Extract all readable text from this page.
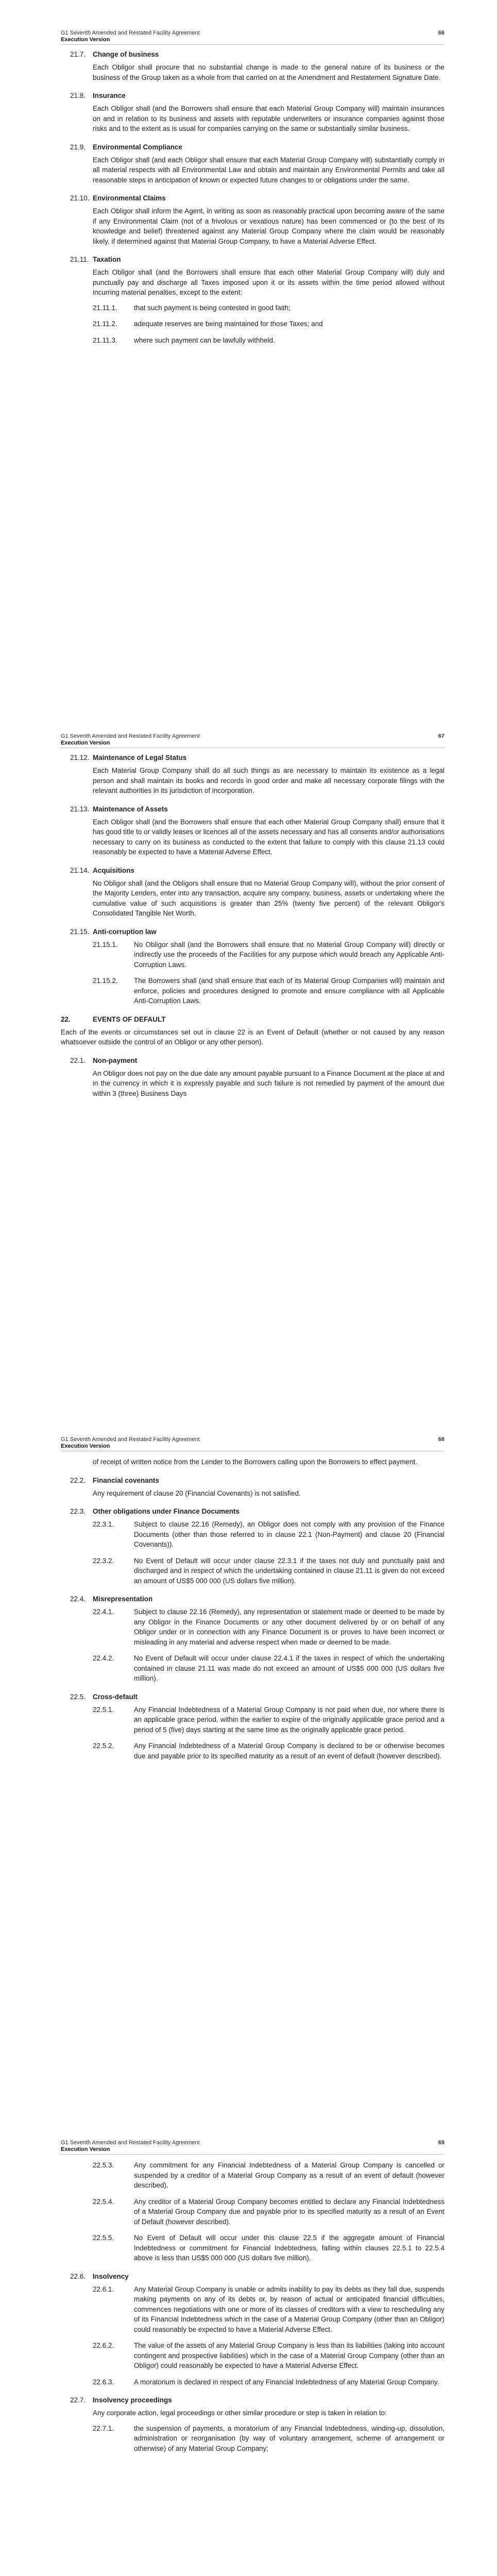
G1 Seventh Amended and Restated Facility Agreement
Execution Version
66
21.7. Change of business

Each Obligor shall procure that no substantial change is made to the general nature of its business or the business of the Group taken as a whole from that carried on at the Amendment and Restatement Signature Date.

21.8. Insurance

Each Obligor shall (and the Borrowers shall ensure that each Material Group Company will) maintain insurances on and in relation to its business and assets with reputable underwriters or insurance companies against those risks and to the extent as is usual for companies carrying on the same or substantially similar business.

21.9. Environmental Compliance

Each Obligor shall (and each Obligor shall ensure that each Material Group Company will) substantially comply in all material respects with all Environmental Law and obtain and maintain any Environmental Permits and take all reasonable steps in anticipation of known or expected future changes to or obligations under the same.

21.10. Environmental Claims

Each Obligor shall inform the Agent, in writing as soon as reasonably practical upon becoming aware of the same if any Environmental Claim (not of a frivolous or vexatious nature) has been commenced or (to the best of its knowledge and belief) threatened against any Material Group Company where the claim would be reasonably likely, if determined against that Material Group Company, to have a Material Adverse Effect.

21.11. Taxation

Each Obligor shall (and the Borrowers shall ensure that each other Material Group Company will) duly and punctually pay and discharge all Taxes imposed upon it or its assets within the time period allowed without incurring material penalties, except to the extent:

21.11.1. that such payment is being contested in good faith;
21.11.2. adequate reserves are being maintained for those Taxes; and
21.11.3. where such payment can be lawfully withheld.
G1 Seventh Amended and Restated Facility Agreement
Execution Version
67
21.12. Maintenance of Legal Status

Each Material Group Company shall do all such things as are necessary to maintain its existence as a legal person and shall maintain its books and records in good order and make all necessary corporate filings with the relevant authorities in its jurisdiction of incorporation.

21.13. Maintenance of Assets

Each Obligor shall (and the Borrowers shall ensure that each other Material Group Company shall) ensure that it has good title to or validly leases or licences all of the assets necessary and has all consents and/or authorisations necessary to carry on its business as conducted to the extent that failure to comply with this clause 21.13 could reasonably be expected to have a Material Adverse Effect.

21.14. Acquisitions

No Obligor shall (and the Obligors shall ensure that no Material Group Company will), without the prior consent of the Majority Lenders, enter into any transaction, acquire any company, business, assets or undertaking where the cumulative value of such acquisitions is greater than 25% (twenty five percent) of the relevant Obligor's Consolidated Tangible Net Worth.

21.15. Anti-corruption law
21.15.1. No Obligor shall (and the Borrowers shall ensure that no Material Group Company will) directly or indirectly use the proceeds of the Facilities for any purpose which would breach any Applicable Anti-Corruption Laws.
21.15.2. The Borrowers shall (and shall ensure that each of its Material Group Companies will) maintain and enforce, policies and procedures designed to promote and ensure compliance with all Applicable Anti-Corruption Laws.
22.	EVENTS OF DEFAULT

Each of the events or circumstances set out in clause 22 is an Event of Default (whether or not caused by any reason whatsoever outside the control of an Obligor or any other person).

22.1. Non-payment

An Obligor does not pay on the due date any amount payable pursuant to a Finance Document at the place at and in the currency in which it is expressly payable and such failure is not remedied by payment of the amount due within 3 (three) Business Days

G1 Seventh Amended and Restated Facility Agreement
Execution Version
68

of receipt of written notice from the Lender to the Borrowers calling upon the Borrowers to effect payment.

22.2. Financial covenants

Any requirement of clause 20 (Financial Covenants) is not satisfied.

22.3. Other obligations under Finance Documents
22.3.1.	Subject to clause 22.16 (Remedy), an Obligor does not comply with any provision of the Finance Documents (other than those referred to in clause 22.1 (Non-Payment) and clause 20 (Financial Covenants)).
22.3.2.	No Event of Default will occur under clause 22.3.1 if the taxes not duly and punctually paid and discharged and in respect of which the undertaking contained in clause 21.11 is given do not exceed an amount of US$5 000 000 (US dollars five million).
22.4. Misrepresentation
22.4.1.	Subject to clause 22.16 (Remedy), any representation or statement made or deemed to be made by any Obligor in the Finance Documents or any other document delivered by or on behalf of any Obligor under or in connection with any Finance Document is or proves to have been incorrect or misleading in any material and adverse respect when made or deemed to be made.
22.4.2.	No Event of Default will occur under clause 22.4.1 if the taxes in respect of which the undertaking contained in clause 21.11 was made do not exceed an amount of US$5 000 000 (US dollars five million).
22.5. Cross-default
22.5.1.	Any Financial Indebtedness of a Material Group Company is not paid when due, nor where there is an applicable grace period, within the earlier to expire of the originally applicable grace period and a period of 5 (five) days starting at the same time as the originally applicable grace period.
22.5.2.	Any Financial Indebtedness of a Material Group Company is declared to be or otherwise becomes due and payable prior to its specified maturity as a result of an event of default (however described).
G1 Seventh Amended and Restated Facility Agreement
Execution Version
69
22.5.3.	Any commitment for any Financial Indebtedness of a Material Group Company is cancelled or suspended by a creditor of a Material Group Company as a result of an event of default (however described).
22.5.4.	Any creditor of a Material Group Company becomes entitled to declare any Financial Indebtedness of a Material Group Company due and payable prior to its specified maturity as a result of an Event of Default (however described).
22.5.5.	No Event of Default will occur under this clause 22.5 if the aggregate amount of Financial Indebtedness or commitment for Financial Indebtedness, falling within clauses 22.5.1 to 22.5.4 above is less than US$5 000 000 (US dollars five million).
22.6. Insolvency
22.6.1.	Any Material Group Company is unable or admits inability to pay its debts as they fall due, suspends making payments on any of its debts or, by reason of actual or anticipated financial difficulties, commences negotiations with one or more of its classes of creditors with a view to rescheduling any of its Financial Indebtedness which in the case of a Material Group Company (other than an Obligor) could reasonably be expected to have a Material Adverse Effect.
22.6.2.	The value of the assets of any Material Group Company is less than its liabilities (taking into account contingent and prospective liabilities) which in the case of a Material Group Company (other than an Obligor) could reasonably be expected to have a Material Adverse Effect.
22.6.3.	A moratorium is declared in respect of any Financial Indebtedness of any Material Group Company.
22.7. Insolvency proceedings

Any corporate action, legal proceedings or other similar procedure or step is taken in relation to:

22.7.1.	the suspension of payments, a moratorium of any Financial Indebtedness, winding-up, dissolution, administration or reorganisation (by way of voluntary arrangement, scheme of arrangement or otherwise) of any Material Group Company;
